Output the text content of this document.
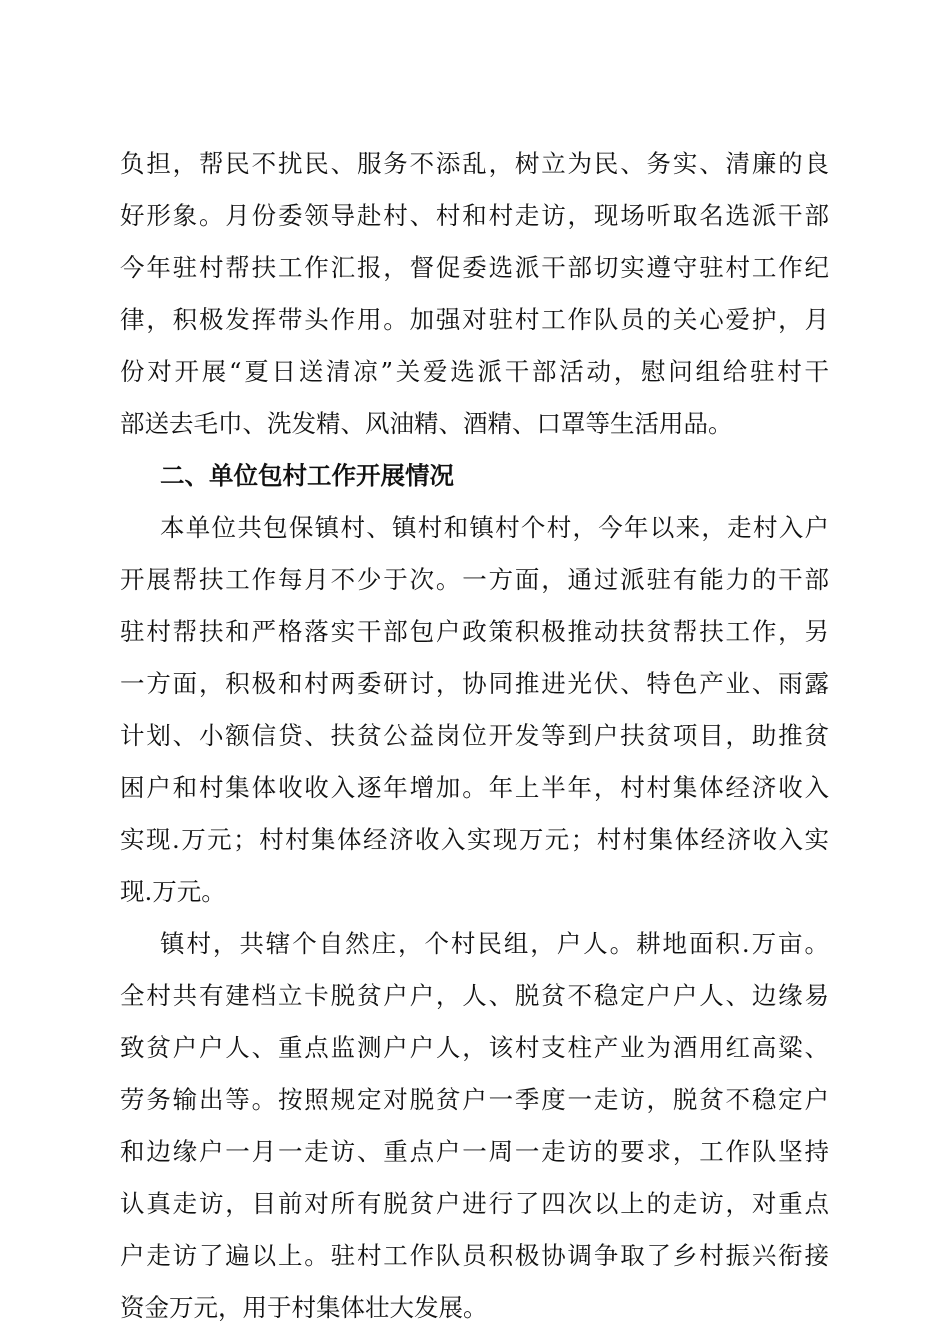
负担，帮民不扰民、服务不添乱，树立为民、务实、清廉的良
好形象。月份委领导赴村、村和村走访，现场听取名选派干部
今年驻村帮扶工作汇报，督促委选派干部切实遵守驻村工作纪
律，积极发挥带头作用。加强对驻村工作队员的关心爱护，月
份对开展“夏日送清凉”关爱选派干部活动，慰问组给驻村干
部送去毛巾、洗发精、风油精、酒精、口罩等生活用品。
二、单位包村工作开展情况
本单位共包保镇村、镇村和镇村个村，今年以来，走村入户
开展帮扶工作每月不少于次。一方面，通过派驻有能力的干部
驻村帮扶和严格落实干部包户政策积极推动扶贫帮扶工作，另
一方面，积极和村两委研讨，协同推进光伏、特色产业、雨露
计划、小额信贷、扶贫公益岗位开发等到户扶贫项目，助推贫
困户和村集体收收入逐年增加。年上半年，村村集体经济收入
实现.万元；村村集体经济收入实现万元；村村集体经济收入实
现.万元。
镇村，共辖个自然庄，个村民组，户人。耕地面积.万亩。
全村共有建档立卡脱贫户户，人、脱贫不稳定户户人、边缘易
致贫户户人、重点监测户户人，该村支柱产业为酒用红高粱、
劳务输出等。按照规定对脱贫户一季度一走访，脱贫不稳定户
和边缘户一月一走访、重点户一周一走访的要求，工作队坚持
认真走访，目前对所有脱贫户进行了四次以上的走访，对重点
户走访了遍以上。驻村工作队员积极协调争取了乡村振兴衔接
资金万元，用于村集体壮大发展。
